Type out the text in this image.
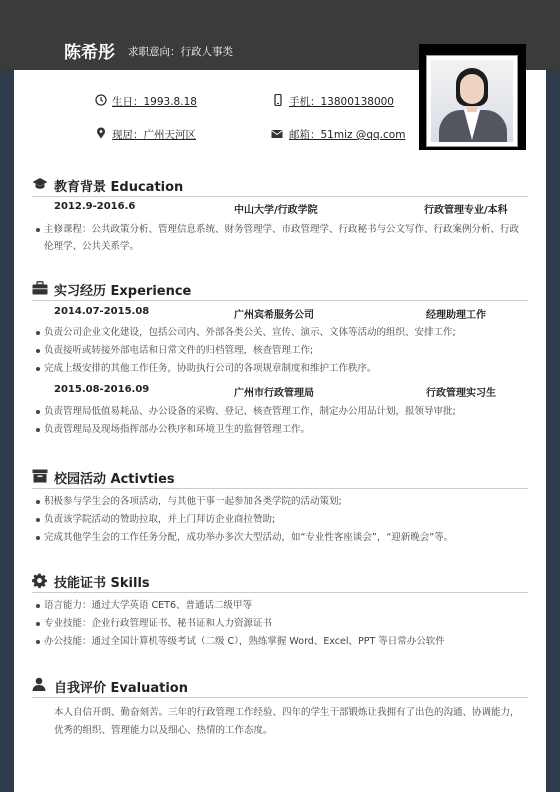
陈希彤 求职意向：行政人事类
生日：1993.8.18	手机：13800138000
现居：广州天河区	邮箱：51miz @qq.com
教育背景 Education
2012.9-2016.6	中山大学/行政学院	行政管理专业/本科
主修课程：公共政策分析、管理信息系统、财务管理学、市政管理学、行政秘书与公文写作、行政案例分析、行政伦理学、公共关系学。
实习经历 Experience
2014.07-2015.08	广州宾希服务公司	经理助理工作
负责公司企业文化建设，包括公司内、外部各类公关、宣传、演示、文体等活动的组织、安排工作;
负责接听或转接外部电话和日常文件的归档管理，核查管理工作;
完成上级安排的其他工作任务，协助执行公司的各项规章制度和维护工作秩序。
2015.08-2016.09	广州市行政管理局	行政管理实习生
负责管理局低值易耗品、办公设备的采购、登记、核查管理工作，制定办公用品计划，报领导审批;
负责管理局及现场指挥部办公秩序和环境卫生的监督管理工作。
校园活动 Activties
积极参与学生会的各项活动，与其他干事一起参加各类学院的活动策划;
负责该学院活动的赞助拉取，并上门拜访企业商拉赞助;
完成其他学生会的工作任务分配，成功举办多次大型活动，如“专业性客座谈会”，“迎新晚会”等。
技能证书 Skills
语言能力：通过大学英语 CET6、普通话二级甲等
专业技能：企业行政管理证书、秘书证和人力资源证书
办公技能：通过全国计算机等级考试（二级 C），熟练掌握 Word、Excel、PPT 等日常办公软件
自我评价 Evaluation
本人自信开朗、勤奋刻苦。三年的行政管理工作经验、四年的学生干部锻炼让我拥有了出色的沟通、协调能力，优秀的组织、管理能力以及细心、热情的工作态度。
